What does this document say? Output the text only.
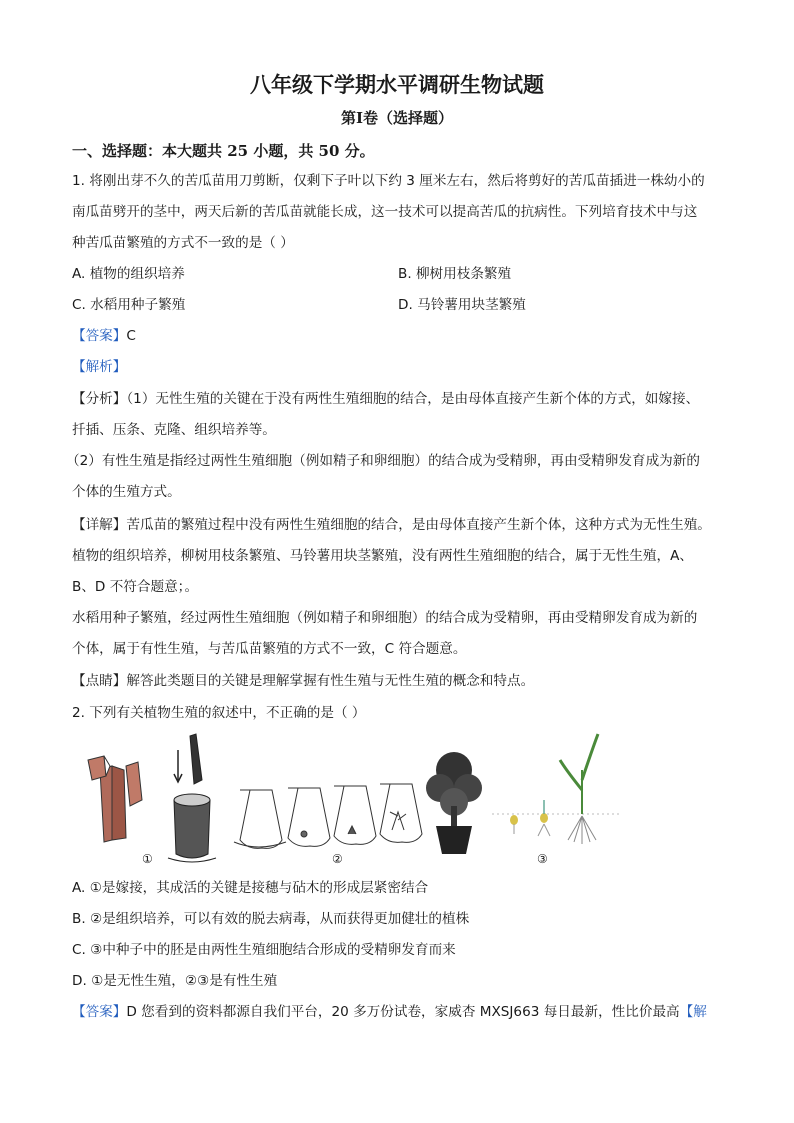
八年级下学期水平调研生物试题
第Ⅰ卷（选择题）
一、选择题：本大题共 25 小题，共 50 分。
1. 将刚出芽不久的苦瓜苗用刀剪断，仅剩下子叶以下约 3 厘米左右，然后将剪好的苦瓜苗插进一株幼小的
南瓜苗劈开的茎中，两天后新的苦瓜苗就能长成，这一技术可以提高苦瓜的抗病性。下列培育技术中与这
种苦瓜苗繁殖的方式不一致的是（ ）
A. 植物的组织培养	B. 柳树用枝条繁殖
C. 水稻用种子繁殖	D. 马铃薯用块茎繁殖
【答案】C
【解析】
【分析】（1）无性生殖的关键在于没有两性生殖细胞的结合，是由母体直接产生新个体的方式，如嫁接、
扦插、压条、克隆、组织培养等。
（2）有性生殖是指经过两性生殖细胞（例如精子和卵细胞）的结合成为受精卵，再由受精卵发育成为新的
个体的生殖方式。
【详解】苦瓜苗的繁殖过程中没有两性生殖细胞的结合，是由母体直接产生新个体，这种方式为无性生殖。
植物的组织培养，柳树用枝条繁殖、马铃薯用块茎繁殖，没有两性生殖细胞的结合，属于无性生殖，A、
B、D 不符合题意；。
水稻用种子繁殖，经过两性生殖细胞（例如精子和卵细胞）的结合成为受精卵，再由受精卵发育成为新的
个体，属于有性生殖，与苦瓜苗繁殖的方式不一致，C 符合题意。
【点睛】解答此类题目的关键是理解掌握有性生殖与无性生殖的概念和特点。
2. 下列有关植物生殖的叙述中，不正确的是（ ）
①	②	③
A. ①是嫁接，其成活的关键是接穗与砧木的形成层紧密结合
B. ②是组织培养，可以有效的脱去病毒，从而获得更加健壮的植株
C. ③中种子中的胚是由两性生殖细胞结合形成的受精卵发育而来
D. ①是无性生殖，②③是有性生殖
【答案】D 您看到的资料都源自我们平台，20 多万份试卷，家威杏 MXSJ663 每日最新，性比价最高【解
